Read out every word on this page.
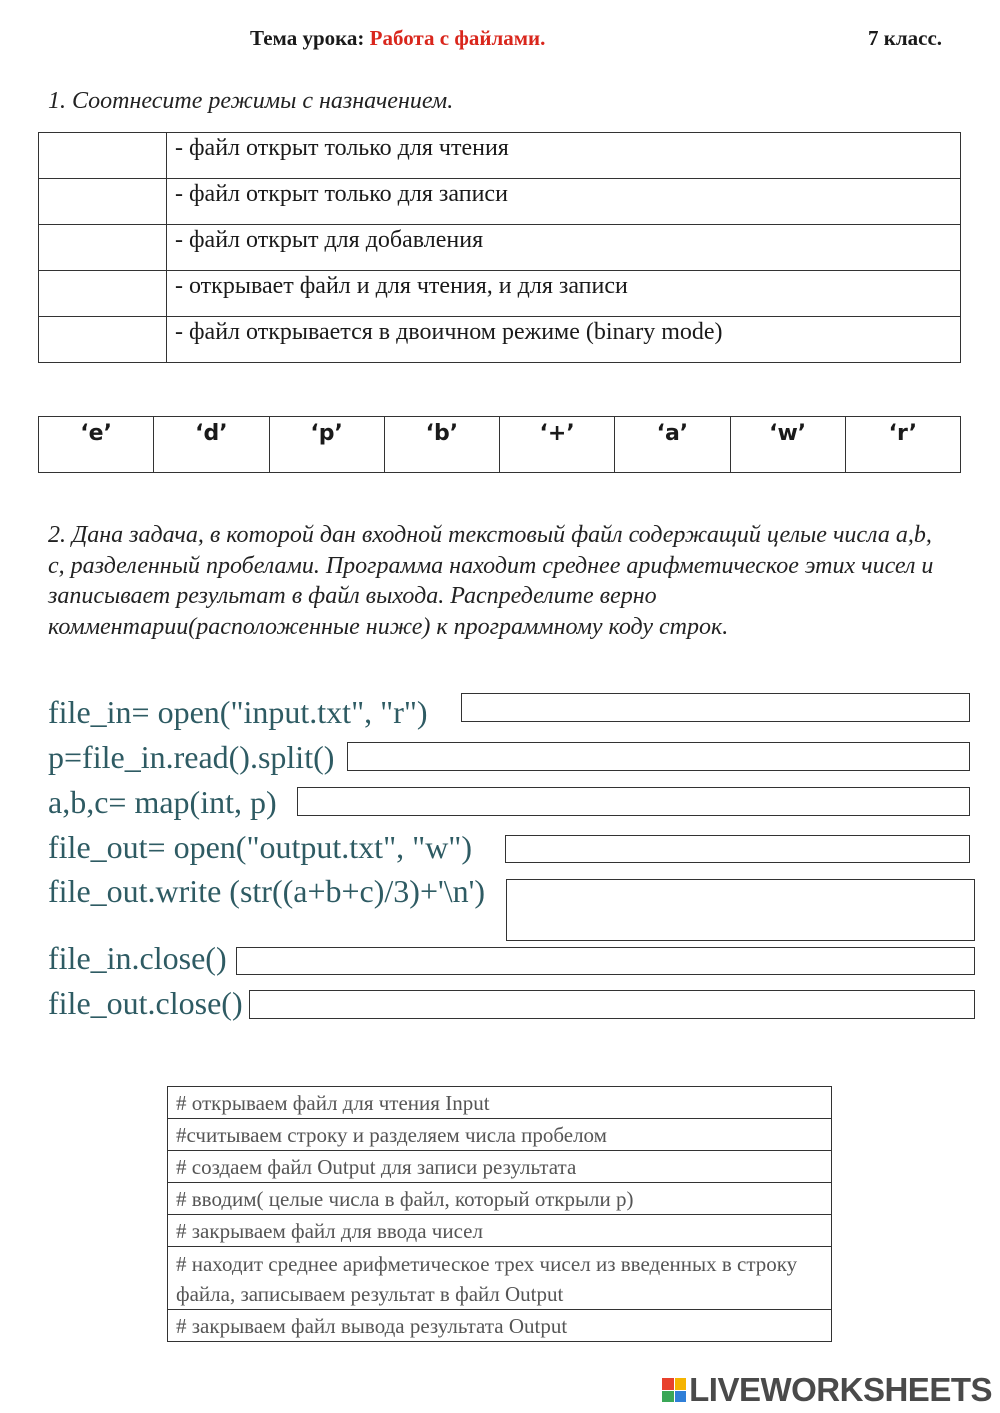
Тема урока: Работа с файлами.	7 класс.
1. Соотнесите режимы с назначением.
	- файл открыт только для чтения
	- файл открыт только для записи
	- файл открыт для добавления
	- открывает файл и для чтения, и для записи
	- файл открывается в двоичном режиме (binary mode)
‘e’	‘d’	‘p’	‘b’	‘+’	‘a’	‘w’	‘r’
2. Дана задача, в которой дан входной текстовый файл содержащий целые числа a,b, c, разделенный пробелами. Программа находит среднее арифметическое этих чисел и записывает результат в файл выхода. Распределите верно комментарии(расположенные ниже) к программному коду строк.
file_in= open("input.txt", "r")
p=file_in.read().split()
a,b,c= map(int, p)
file_out= open("output.txt", "w")
file_out.write (str((a+b+c)/3)+'\n')
file_in.close()
file_out.close()
# открываем файл для чтения Input
#считываем строку и разделяем числа пробелом
# создаем файл Output для записи результата
# вводим( целые числа в файл, который открыли p)
# закрываем файл для ввода чисел
# находит среднее арифметическое трех чисел из введенных в строку файла, записываем результат в файл Output
# закрываем файл вывода результата Output
LIVEWORKSHEETS
